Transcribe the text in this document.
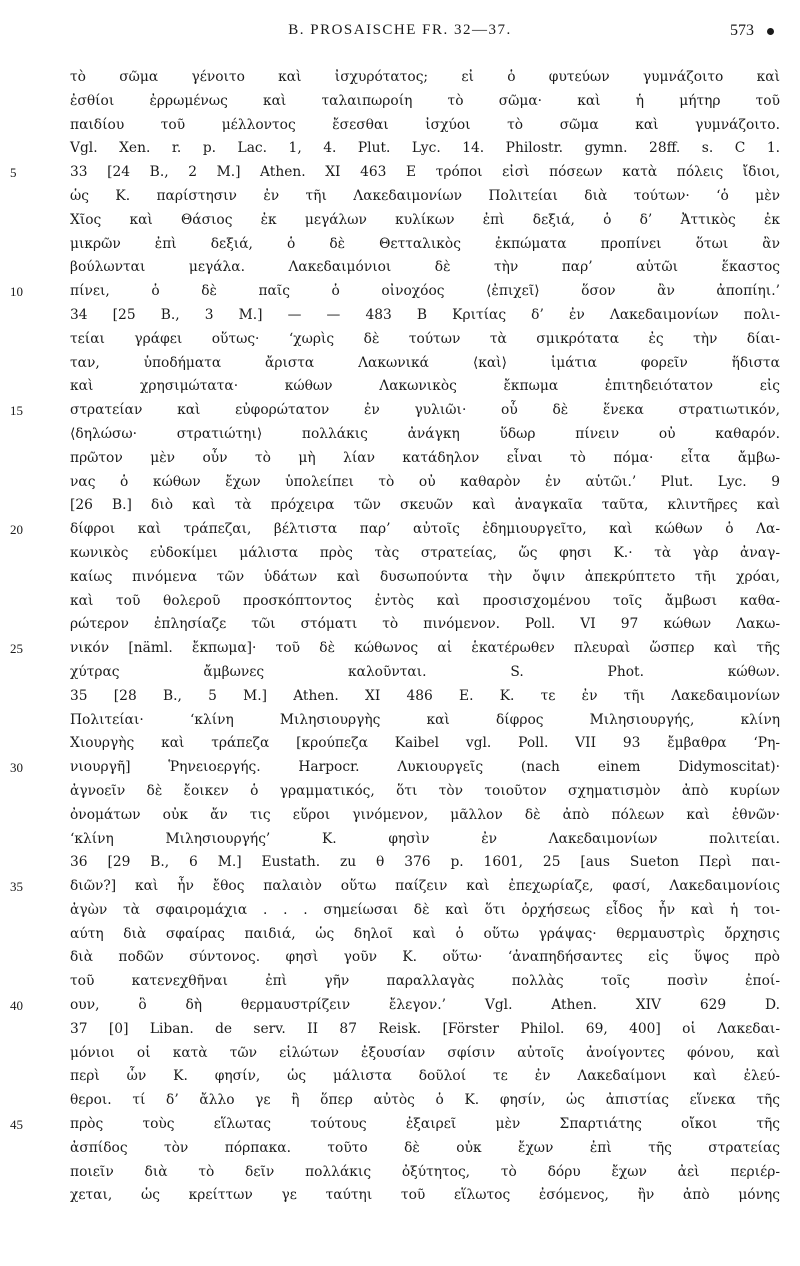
B. PROSAISCHE FR. 32—37.	573
τὸ σῶμα γένοιτο καὶ ἰσχυρότατος; εἰ ὁ φυτεύων γυμνάζοιτο καὶ
ἐσθίοι ἐρρωμένως καὶ ταλαιπωροίη τὸ σῶμα· καὶ ἡ μήτηρ τοῦ
παιδίου τοῦ μέλλοντος ἔσεσθαι ἰσχύοι τὸ σῶμα καὶ γυμνάζοιτο.
Vgl. Xen. r. p. Lac. 1, 4. Plut. Lyc. 14. Philostr. gymn. 28ff. s. C 1.
5	33 [24 B., 2 M.] Athen. XI 463 E τρόποι εἰσὶ πόσεων κατὰ πόλεις ἴδιοι,
ὡς K. παρίστησιν ἐν τῆι Λακεδαιμονίων Πολιτείαι διὰ τούτων· ‘ὁ μὲν
Χῖος καὶ Θάσιος ἐκ μεγάλων κυλίκων ἐπὶ δεξιά, ὁ δ’ Ἀττικὸς ἐκ
μικρῶν ἐπὶ δεξιά, ὁ δὲ Θετταλικὸς ἐκπώματα προπίνει ὅτωι ἂν
βούλωνται μεγάλα. Λακεδαιμόνιοι δὲ τὴν παρ’ αὑτῶι ἕκαστος
10	πίνει, ὁ δὲ παῖς ὁ οἰνοχόος ⟨ἐπιχεῖ⟩ ὅσον ἂν ἀποπίηι.’
34 [25 B., 3 M.] — — 483 B Κριτίας δ’ ἐν Λακεδαιμονίων πολι-
τείαι γράφει οὕτως· ‘χωρὶς δὲ τούτων τὰ σμικρότατα ἐς τὴν δίαι-
ταν, ὑποδήματα ἄριστα Λακωνικά ⟨καὶ⟩ ἱμάτια φορεῖν ἥδιστα
καὶ χρησιμώτατα· κώθων Λακωνικὸς ἔκπωμα ἐπιτηδειότατον εἰς
15	στρατείαν καὶ εὐφορώτατον ἐν γυλιῶι· οὗ δὲ ἕνεκα στρατιωτικόν,
⟨δηλώσω· στρατιώτηι⟩ πολλάκις ἀνάγκη ὕδωρ πίνειν οὐ καθαρόν.
πρῶτον μὲν οὖν τὸ μὴ λίαν κατάδηλον εἶναι τὸ πόμα· εἶτα ἄμβω-
νας ὁ κώθων ἔχων ὑπολείπει τὸ οὐ καθαρὸν ἐν αὑτῶι.’ Plut. Lyc. 9
[26 B.] διὸ καὶ τὰ πρόχειρα τῶν σκευῶν καὶ ἀναγκαῖα ταῦτα, κλιντῆρες καὶ
20	δίφροι καὶ τράπεζαι, βέλτιστα παρ’ αὐτοῖς ἐδημιουργεῖτο, καὶ κώθων ὁ Λα-
κωνικὸς εὐδοκίμει μάλιστα πρὸς τὰς στρατείας, ὥς φησι K.· τὰ γὰρ ἀναγ-
καίως πινόμενα τῶν ὑδάτων καὶ δυσωπούντα τὴν ὄψιν ἀπεκρύπτετο τῆι χρόαι,
καὶ τοῦ θολεροῦ προσκόπτοντος ἐντὸς καὶ προσισχομένου τοῖς ἄμβωσι καθα-
ρώτερον ἐπλησίαζε τῶι στόματι τὸ πινόμενον. Poll. VI 97 κώθων Λακω-
25	νικόν [näml. ἔκπωμα]· τοῦ δὲ κώθωνος αἱ ἑκατέρωθεν πλευραὶ ὥσπερ καὶ τῆς
χύτρας ἄμβωνες καλοῦνται. S. Phot. κώθων.
35 [28 B., 5 M.] Athen. XI 486 E. K. τε ἐν τῆι Λακεδαιμονίων
Πολιτείαι· ‘κλίνη Μιλησιουργὴς καὶ δίφρος Μιλησιουργής, κλίνη
Χιουργὴς καὶ τράπεζα [κρούπεζα Kaibel vgl. Poll. VII 93 ἔμβαθρα ‘Ρη-
30	νιουργῆ] Ῥηνειοεργής. Harpocr. Λυκιουργεῖς (nach einem Didymoscitat)·
ἀγνοεῖν δὲ ἔοικεν ὁ γραμματικός, ὅτι τὸν τοιοῦτον σχηματισμὸν ἀπὸ κυρίων
ὀνομάτων οὐκ ἄν τις εὕροι γινόμενον, μᾶλλον δὲ ἀπὸ πόλεων καὶ ἐθνῶν·
‘κλίνη Μιλησιουργής’ K. φησὶν ἐν Λακεδαιμονίων πολιτείαι.
36 [29 B., 6 M.] Eustath. zu θ 376 p. 1601, 25 [aus Sueton Περὶ παι-
35	διῶν?] καὶ ἦν ἔθος παλαιὸν οὕτω παίζειν καὶ ἐπεχωρίαζε, φασί, Λακεδαιμονίοις
ἀγὼν τὰ σφαιρομάχια . . . σημείωσαι δὲ καὶ ὅτι ὀρχήσεως εἶδος ἦν καὶ ἡ τοι-
αύτη διὰ σφαίρας παιδιά, ὡς δηλοῖ καὶ ὁ οὕτω γράψας· θερμαυστρὶς ὄρχησις
διὰ ποδῶν σύντονος. φησὶ γοῦν K. οὕτω· ‘ἀναπηδήσαντες εἰς ὕψος πρὸ
τοῦ κατενεχθῆναι ἐπὶ γῆν παραλλαγὰς πολλὰς τοῖς ποσὶν ἐποί-
40	ουν, ὃ δὴ θερμαυστρίζειν ἔλεγον.’ Vgl. Athen. XIV 629 D.
37 [0] Liban. de serv. II 87 Reisk. [Förster Philol. 69, 400] οἱ Λακεδαι-
μόνιοι οἱ κατὰ τῶν εἱλώτων ἐξουσίαν σφίσιν αὐτοῖς ἀνοίγοντες φόνου, καὶ
περὶ ὧν K. φησίν, ὡς μάλιστα δοῦλοί τε ἐν Λακεδαίμονι καὶ ἐλεύ-
θεροι. τί δ’ ἄλλο γε ἢ ὅπερ αὐτὸς ὁ K. φησίν, ὡς ἀπιστίας εἵνεκα τῆς
45	πρὸς τοὺς εἵλωτας τούτους ἐξαιρεῖ μὲν Σπαρτιάτης οἴκοι τῆς
ἀσπίδος τὸν πόρπακα. τοῦτο δὲ οὐκ ἔχων ἐπὶ τῆς στρατείας
ποιεῖν διὰ τὸ δεῖν πολλάκις ὀξύτητος, τὸ δόρυ ἔχων ἀεὶ περιέρ-
χεται, ὡς κρείττων γε ταύτηι τοῦ εἵλωτος ἐσόμενος, ἢν ἀπὸ μόνης
